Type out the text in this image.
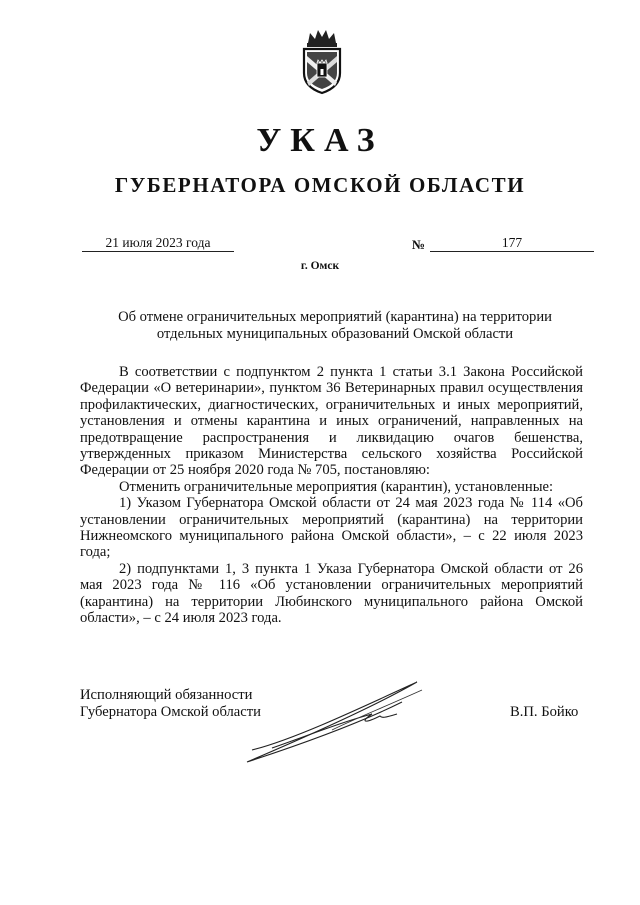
УКАЗ
ГУБЕРНАТОРА ОМСКОЙ ОБЛАСТИ
21 июля 2023 года	№	177
г. Омск
Об отмене ограничительных мероприятий (карантина) на территории
отдельных муниципальных образований Омской области

В соответствии с подпунктом 2 пункта 1 статьи 3.1 Закона Российской Федерации «О ветеринарии», пунктом 36 Ветеринарных правил осуществления профилактических, диагностических, ограничительных и иных мероприятий, установления и отмены карантина и иных ограничений, направленных на предотвращение распространения и ликвидацию очагов бешенства, утвержденных приказом Министерства сельского хозяйства Российской Федерации от 25 ноября 2020 года № 705, постановляю:

Отменить ограничительные мероприятия (карантин), установленные:

1) Указом Губернатора Омской области от 24 мая 2023 года № 114 «Об установлении ограничительных мероприятий (карантина) на территории Нижнеомского муниципального района Омской области», – с 22 июля 2023 года;

2) подпунктами 1, 3 пункта 1 Указа Губернатора Омской области от 26 мая 2023 года № 116 «Об установлении ограничительных мероприятий (карантина) на территории Любинского муниципального района Омской области», – с 24 июля 2023 года.

Исполняющий обязанности
Губернатора Омской области	В.П. Бойко
